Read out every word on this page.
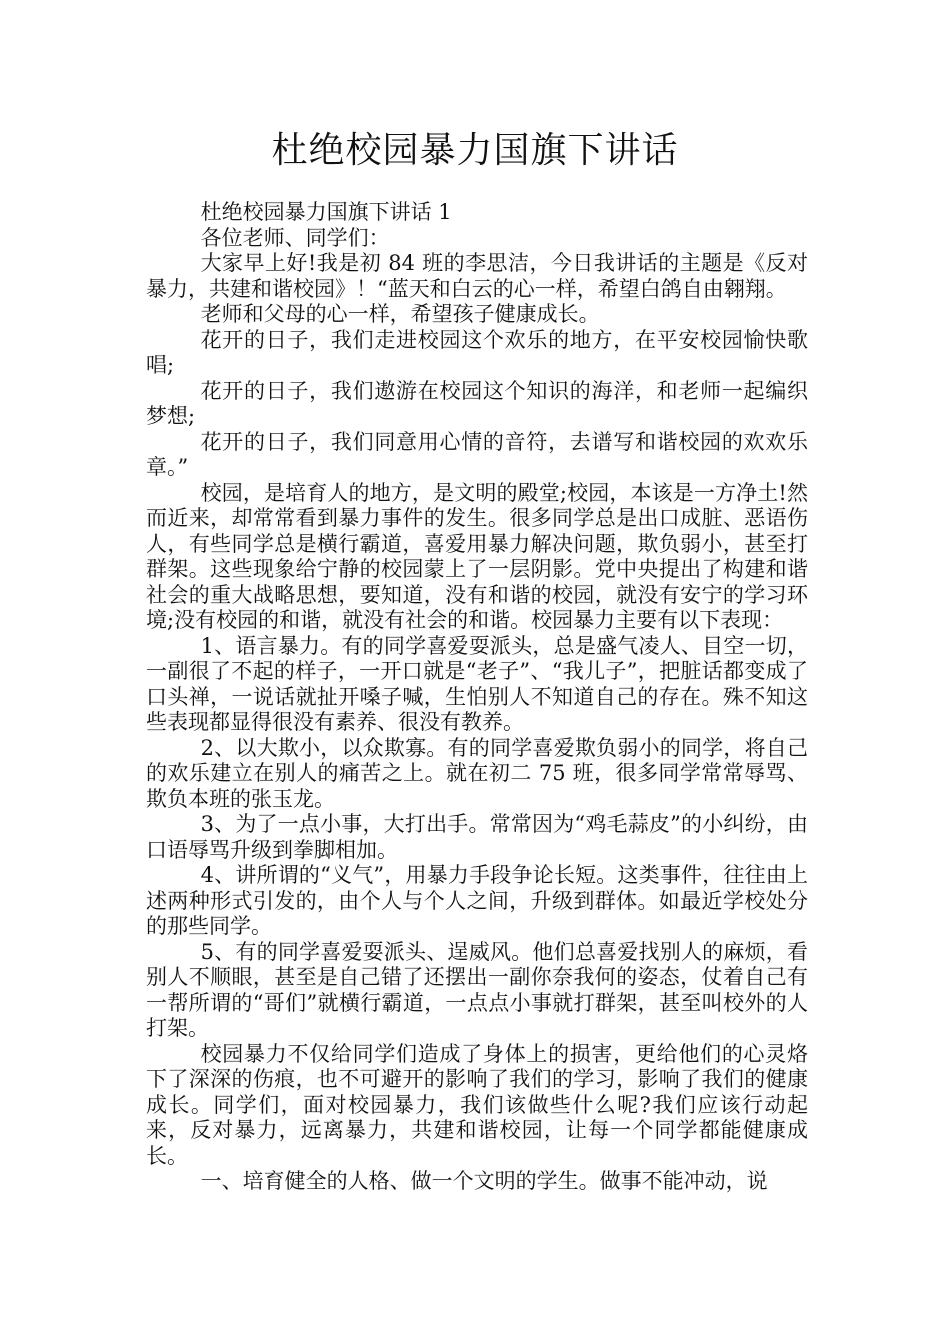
杜绝校园暴力国旗下讲话

杜绝校园暴力国旗下讲话 1

各位老师、同学们：

大家早上好!我是初 84 班的李思洁，今日我讲话的主题是《反对暴力，共建和谐校园》！“蓝天和白云的心一样，希望白鸽自由翱翔。

老师和父母的心一样，希望孩子健康成长。

花开的日子，我们走进校园这个欢乐的地方，在平安校园愉快歌唱;

花开的日子，我们遨游在校园这个知识的海洋，和老师一起编织梦想;

花开的日子，我们同意用心情的音符，去谱写和谐校园的欢欢乐章。”

校园，是培育人的地方，是文明的殿堂;校园，本该是一方净土!然而近来，却常常看到暴力事件的发生。很多同学总是出口成脏、恶语伤人，有些同学总是横行霸道，喜爱用暴力解决问题，欺负弱小，甚至打群架。这些现象给宁静的校园蒙上了一层阴影。党中央提出了构建和谐社会的重大战略思想，要知道，没有和谐的校园，就没有安宁的学习环境;没有校园的和谐，就没有社会的和谐。校园暴力主要有以下表现：

1、语言暴力。有的同学喜爱耍派头，总是盛气凌人、目空一切，一副很了不起的样子，一开口就是“老子”、“我儿子”，把脏话都变成了口头禅，一说话就扯开嗓子喊，生怕别人不知道自己的存在。殊不知这些表现都显得很没有素养、很没有教养。

2、以大欺小，以众欺寡。有的同学喜爱欺负弱小的同学，将自己的欢乐建立在别人的痛苦之上。就在初二 75 班，很多同学常常辱骂、欺负本班的张玉龙。

3、为了一点小事，大打出手。常常因为“鸡毛蒜皮”的小纠纷，由口语辱骂升级到拳脚相加。

4、讲所谓的“义气”，用暴力手段争论长短。这类事件，往往由上述两种形式引发的，由个人与个人之间，升级到群体。如最近学校处分的那些同学。

5、有的同学喜爱耍派头、逞威风。他们总喜爱找别人的麻烦，看别人不顺眼，甚至是自己错了还摆出一副你奈我何的姿态，仗着自己有一帮所谓的“哥们”就横行霸道，一点点小事就打群架，甚至叫校外的人打架。

校园暴力不仅给同学们造成了身体上的损害，更给他们的心灵烙下了深深的伤痕，也不可避开的影响了我们的学习，影响了我们的健康成长。同学们，面对校园暴力，我们该做些什么呢?我们应该行动起来，反对暴力，远离暴力，共建和谐校园，让每一个同学都能健康成长。

一、培育健全的人格、做一个文明的学生。做事不能冲动，说
